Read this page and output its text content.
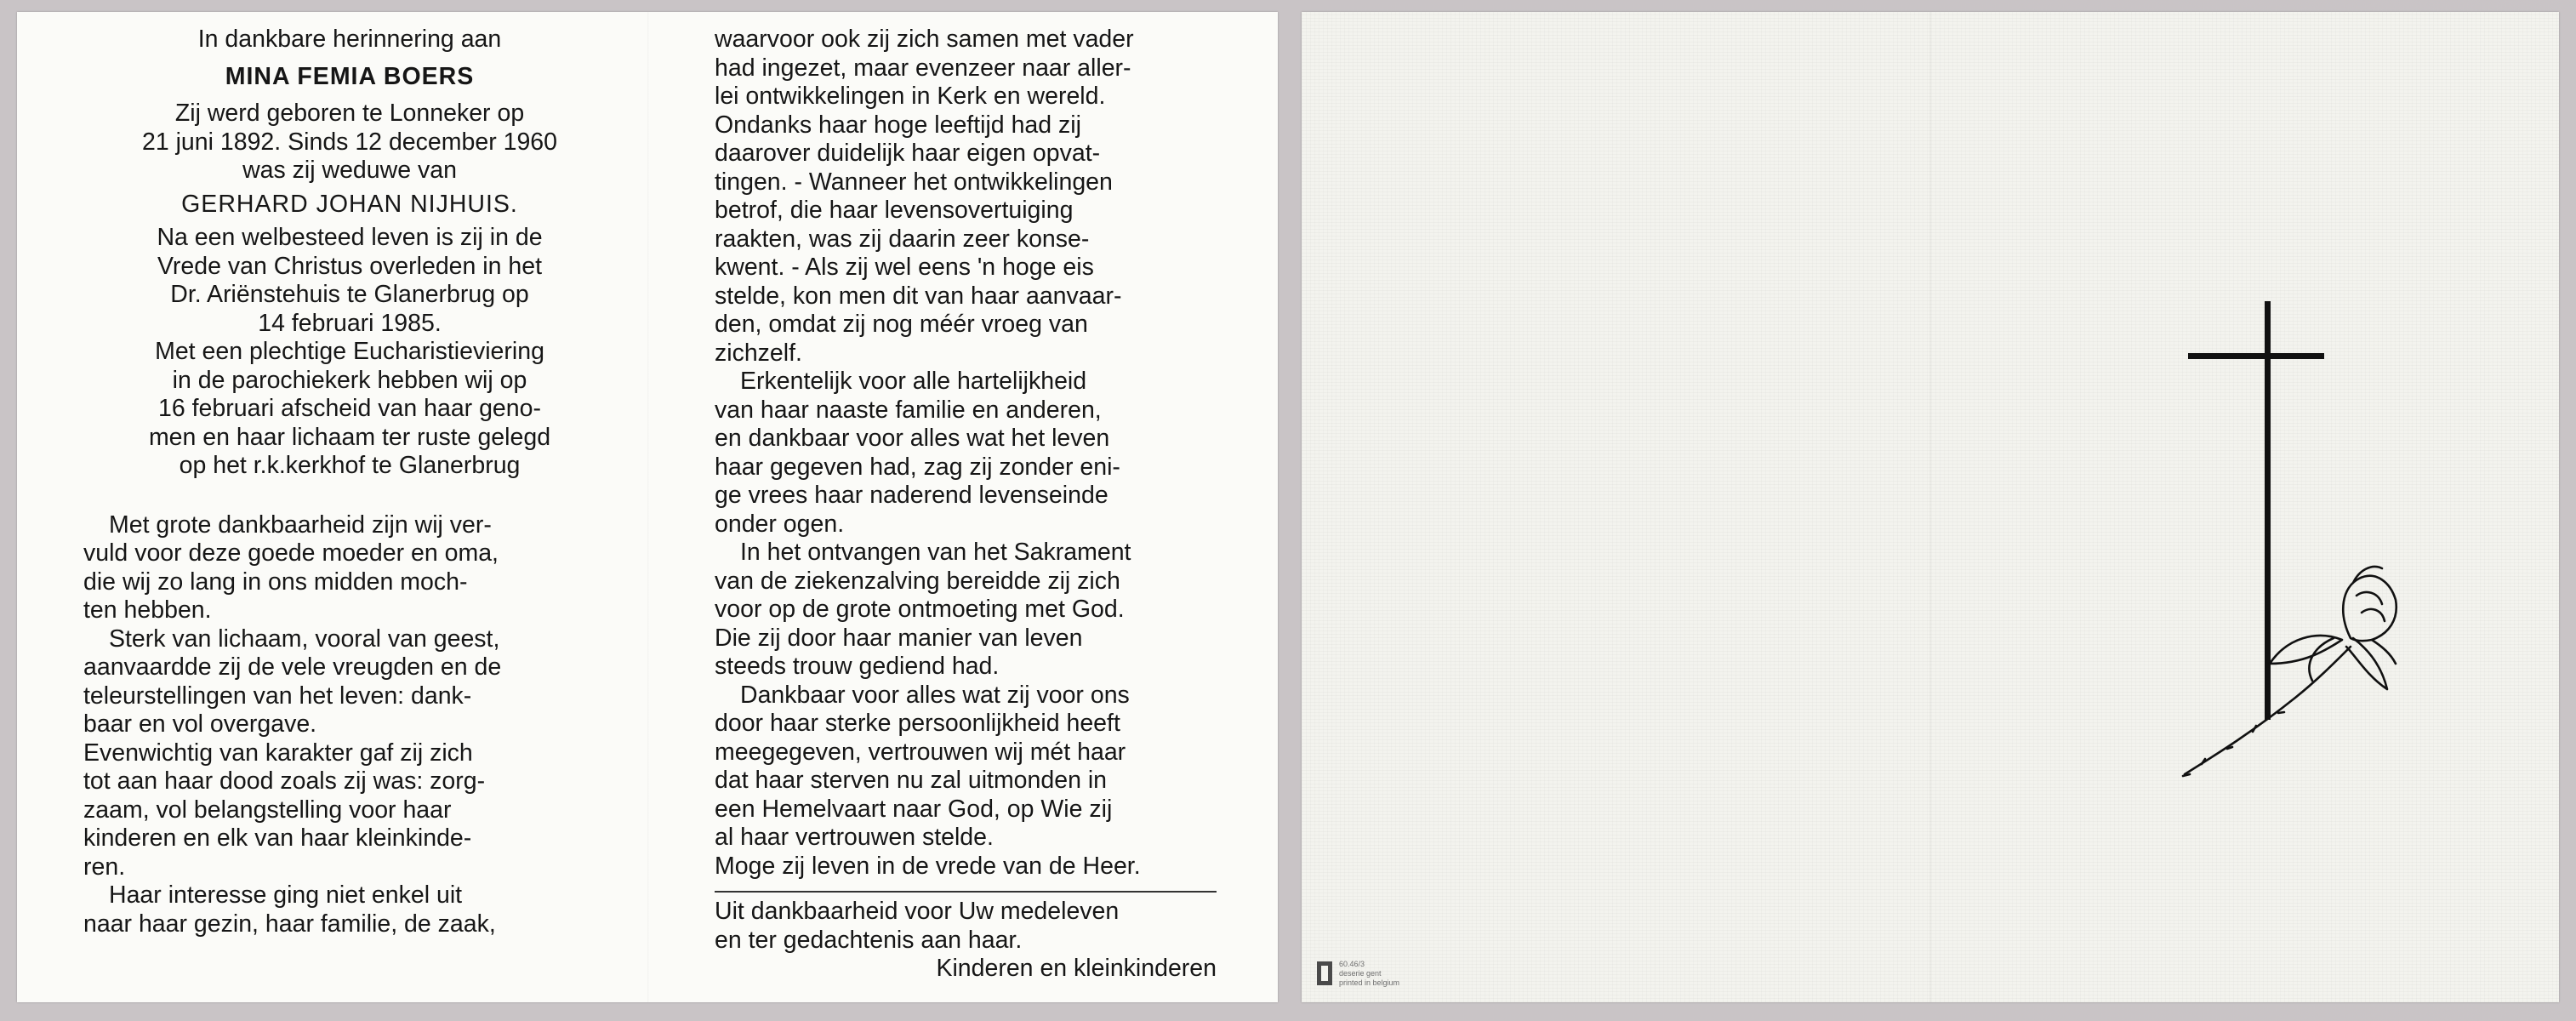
In dankbare herinnering aan

MINA FEMIA BOERS

Zij werd geboren te Lonneker op

21 juni 1892. Sinds 12 december 1960

was zij weduwe van

GERHARD JOHAN NIJHUIS.

Na een welbesteed leven is zij in de

Vrede van Christus overleden in het

Dr. Ariënstehuis te Glanerbrug op

14 februari 1985.

Met een plechtige Eucharistieviering

in de parochiekerk hebben wij op

16 februari afscheid van haar geno-

men en haar lichaam ter ruste gelegd

op het r.k.kerkhof te Glanerbrug

Met grote dankbaarheid zijn wij ver-

vuld voor deze goede moeder en oma,

die wij zo lang in ons midden moch-

ten hebben.

Sterk van lichaam, vooral van geest,

aanvaardde zij de vele vreugden en de

teleurstellingen van het leven: dank-

baar en vol overgave.

Evenwichtig van karakter gaf zij zich

tot aan haar dood zoals zij was: zorg-

zaam, vol belangstelling voor haar

kinderen en elk van haar kleinkinde-

ren.

Haar interesse ging niet enkel uit

naar haar gezin, haar familie, de zaak,

waarvoor ook zij zich samen met vader

had ingezet, maar evenzeer naar aller-

lei ontwikkelingen in Kerk en wereld.

Ondanks haar hoge leeftijd had zij

daarover duidelijk haar eigen opvat-

tingen. - Wanneer het ontwikkelingen

betrof, die haar levensovertuiging

raakten, was zij daarin zeer konse-

kwent. - Als zij wel eens 'n hoge eis

stelde, kon men dit van haar aanvaar-

den, omdat zij nog méér vroeg van

zichzelf.

Erkentelijk voor alle hartelijkheid

van haar naaste familie en anderen,

en dankbaar voor alles wat het leven

haar gegeven had, zag zij zonder eni-

ge vrees haar naderend levenseinde

onder ogen.

In het ontvangen van het Sakrament

van de ziekenzalving bereidde zij zich

voor op de grote ontmoeting met God.

Die zij door haar manier van leven

steeds trouw gediend had.

Dankbaar voor alles wat zij voor ons

door haar sterke persoonlijkheid heeft

meegegeven, vertrouwen wij mét haar

dat haar sterven nu zal uitmonden in

een Hemelvaart naar God, op Wie zij

al haar vertrouwen stelde.

Moge zij leven in de vrede van de Heer.

Uit dankbaarheid voor Uw medeleven

en ter gedachtenis aan haar.

Kinderen en kleinkinderen	60.46/3
deserie gent
printed in belgium
